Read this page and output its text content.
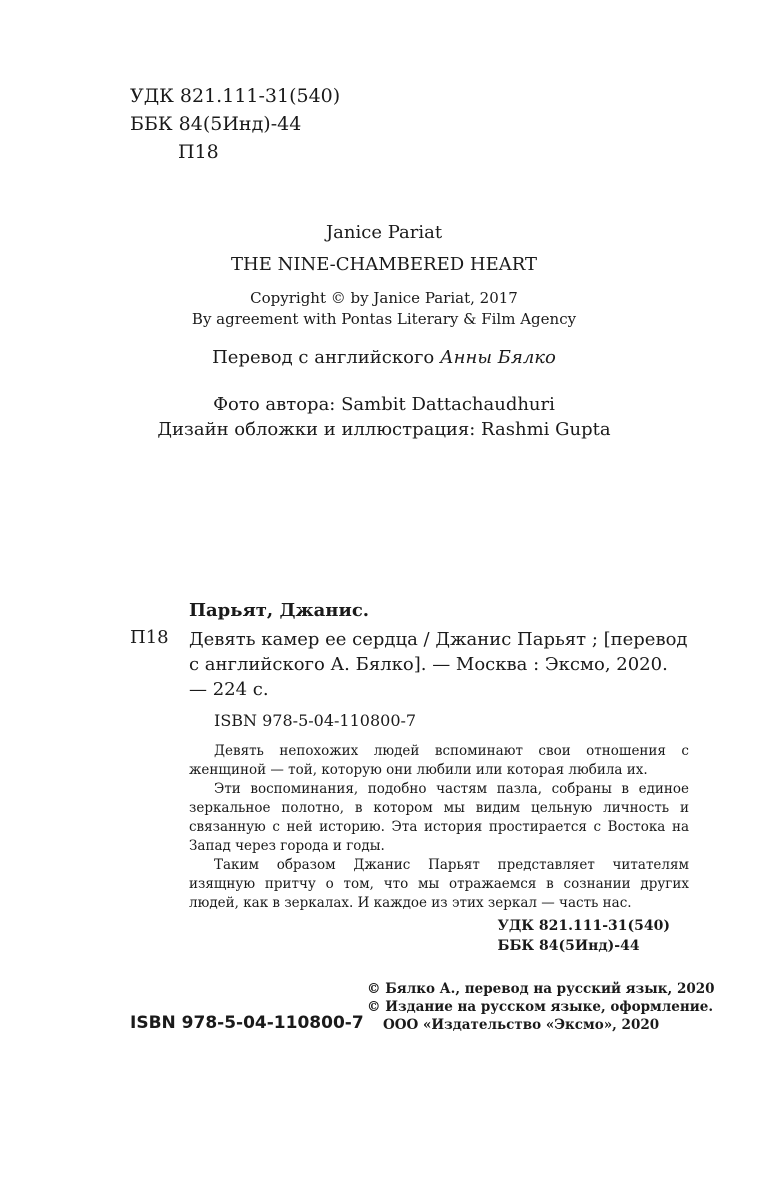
УДК 821.111-31(540)
ББК 84(5Инд)-44
П18
Janice Pariat
THE NINE-CHAMBERED HEART
Copyright © by Janice Pariat, 2017
By agreement with Pontas Literary & Film Agency
Перевод с английского Анны Бялко
Фото автора: Sambit Dattachaudhuri
Дизайн обложки и иллюстрация: Rashmi Gupta
Парьят, Джанис.
П18 Девять камер ее сердца / Джанис Парьят ; [перевод с английского А. Бялко]. — Москва : Эксмо, 2020. — 224 с.
ISBN 978-5-04-110800-7

Девять непохожих людей вспоминают свои отношения с женщиной — той, которую они любили или которая любила их.

Эти воспоминания, подобно частям пазла, собраны в единое зеркальное полотно, в котором мы видим цельную личность и связанную с ней историю. Эта история простирается с Востока на Запад через города и годы.

Таким образом Джанис Парьят представляет читателям изящную притчу о том, что мы отражаемся в сознании других людей, как в зеркалах. И каждое из этих зеркал — часть нас.

УДК 821.111-31(540)
ББК 84(5Инд)-44
© Бялко А., перевод на русский язык, 2020
© Издание на русском языке, оформление.
ООО «Издательство «Эксмо», 2020
ISBN 978-5-04-110800-7
